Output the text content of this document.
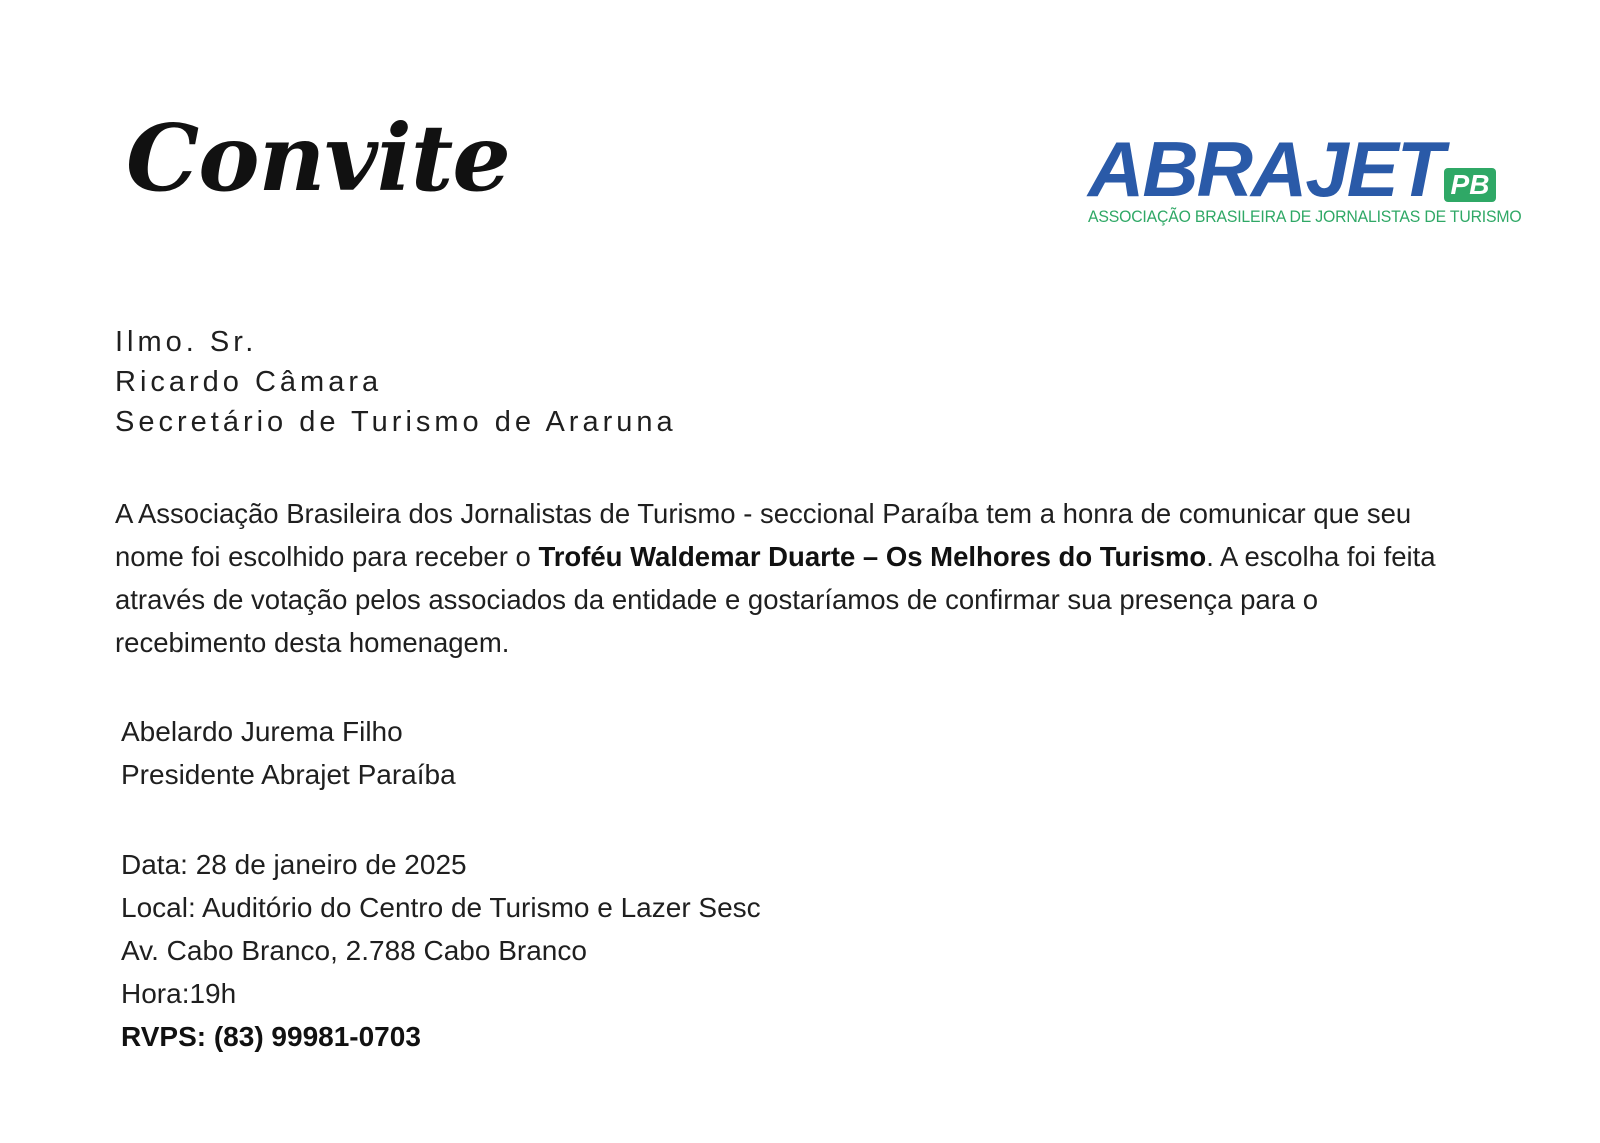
Convite	ABRAJET PB
ASSOCIAÇÃO BRASILEIRA DE JORNALISTAS DE TURISMO
Ilmo. Sr.
Ricardo Câmara
Secretário de Turismo de Araruna
A Associação Brasileira dos Jornalistas de Turismo - seccional Paraíba tem a honra de comunicar que seu nome foi escolhido para receber o Troféu Waldemar Duarte – Os Melhores do Turismo. A escolha foi feita através de votação pelos associados da entidade e gostaríamos de confirmar sua presença para o recebimento desta homenagem.
Abelardo Jurema Filho
Presidente Abrajet Paraíba
Data: 28 de janeiro de 2025
Local: Auditório do Centro de Turismo e Lazer Sesc
Av. Cabo Branco, 2.788 Cabo Branco
Hora:19h
RVPS: (83) 99981-0703
